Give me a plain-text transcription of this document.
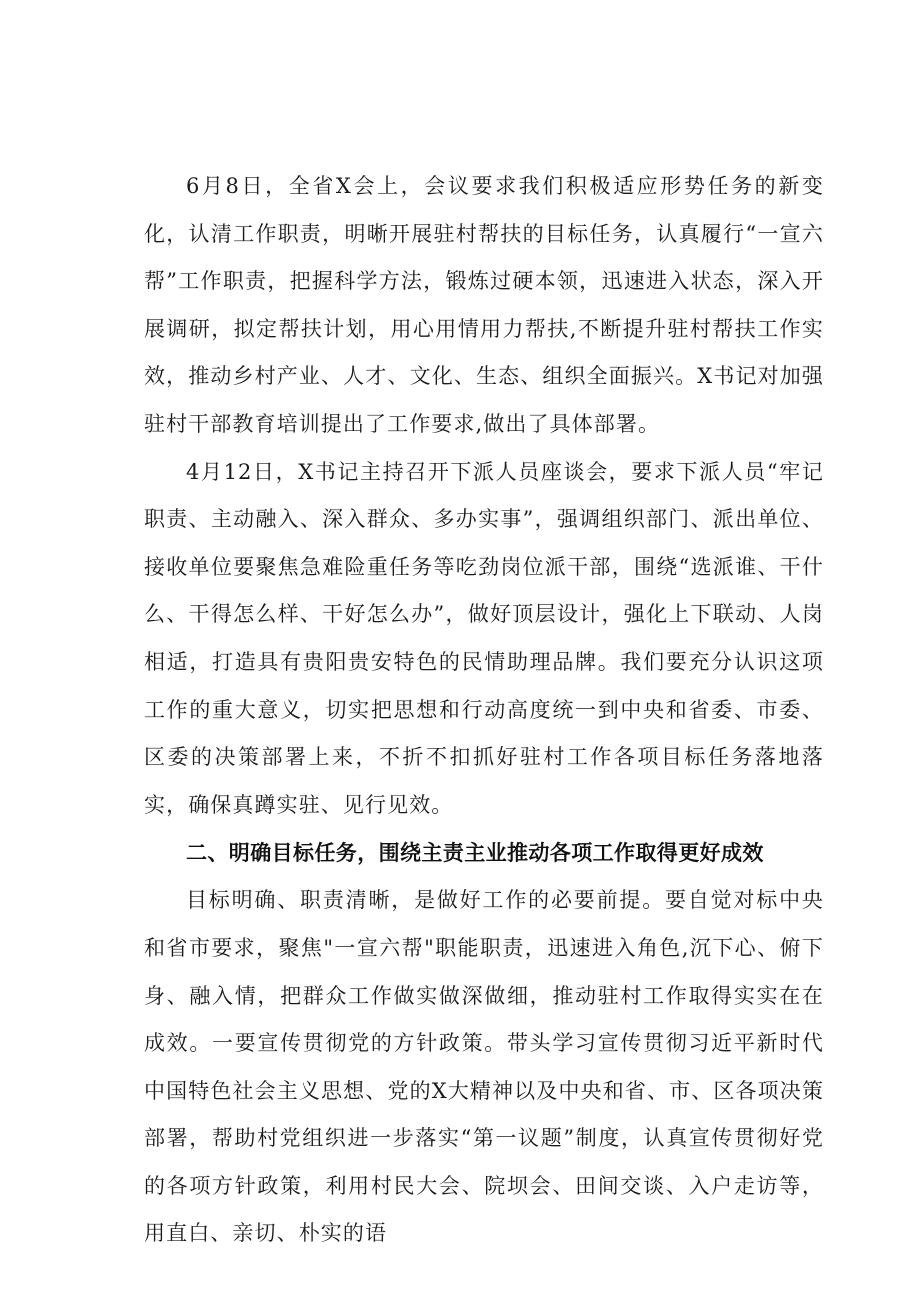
6月8日，全省X会上，会议要求我们积极适应形势任务的新变化，认清工作职责，明晰开展驻村帮扶的目标任务，认真履行“一宣六帮”工作职责，把握科学方法，锻炼过硬本领，迅速进入状态，深入开展调研，拟定帮扶计划，用心用情用力帮扶,不断提升驻村帮扶工作实效，推动乡村产业、人才、文化、生态、组织全面振兴。X书记对加强驻村干部教育培训提出了工作要求,做出了具体部署。

4月12日，X书记主持召开下派人员座谈会，要求下派人员“牢记职责、主动融入、深入群众、多办实事”，强调组织部门、派出单位、接收单位要聚焦急难险重任务等吃劲岗位派干部，围绕“选派谁、干什么、干得怎么样、干好怎么办”，做好顶层设计，强化上下联动、人岗相适，打造具有贵阳贵安特色的民情助理品牌。我们要充分认识这项工作的重大意义，切实把思想和行动高度统一到中央和省委、市委、区委的决策部署上来，不折不扣抓好驻村工作各项目标任务落地落实，确保真蹲实驻、见行见效。

二、明确目标任务，围绕主责主业推动各项工作取得更好成效

目标明确、职责清晰，是做好工作的必要前提。要自觉对标中央和省市要求，聚焦"一宣六帮"职能职责，迅速进入角色,沉下心、俯下身、融入情，把群众工作做实做深做细，推动驻村工作取得实实在在成效。一要宣传贯彻党的方针政策。带头学习宣传贯彻习近平新时代中国特色社会主义思想、党的X大精神以及中央和省、市、区各项决策部署，帮助村党组织进一步落实“第一议题”制度，认真宣传贯彻好党的各项方针政策，利用村民大会、院坝会、田间交谈、入户走访等，用直白、亲切、朴实的语
